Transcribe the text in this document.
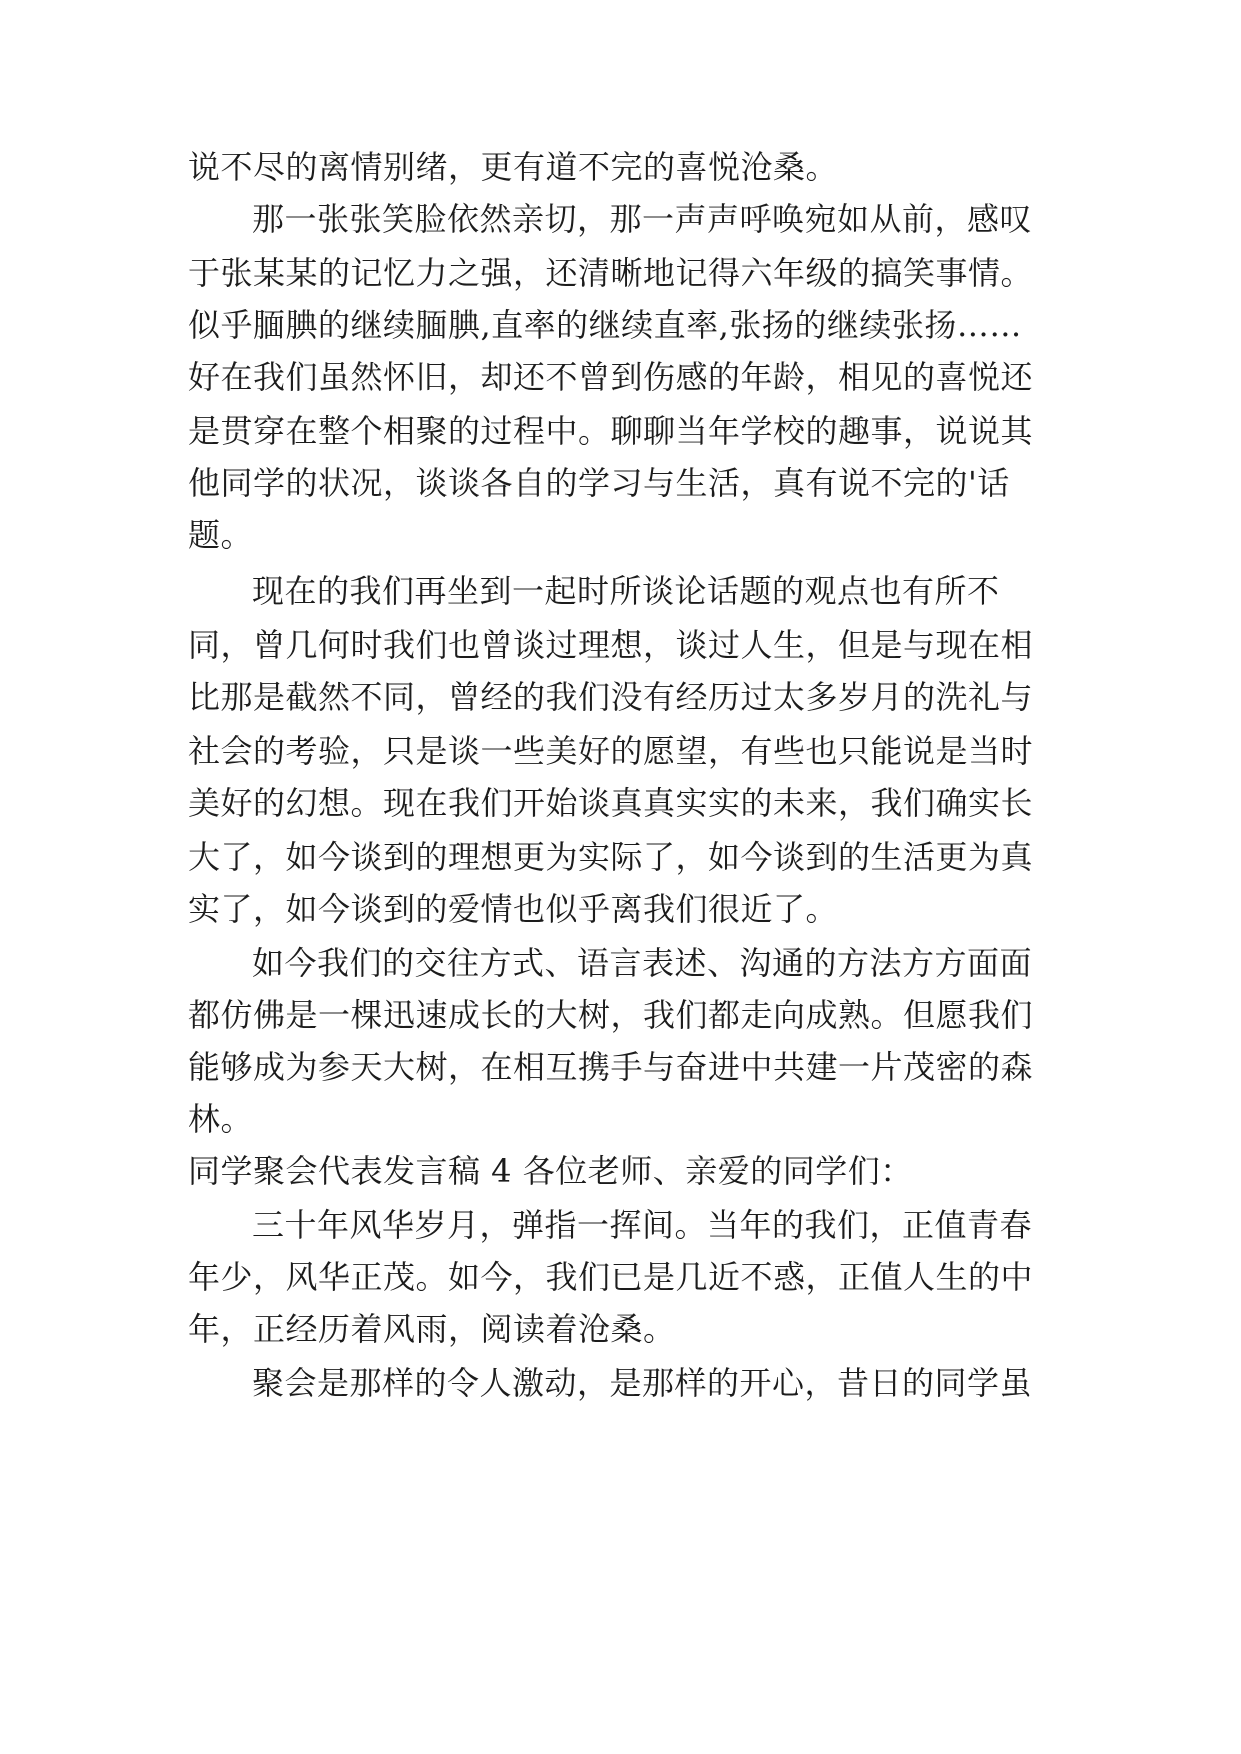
说不尽的离情别绪，更有道不完的喜悦沧桑。
那一张张笑脸依然亲切，那一声声呼唤宛如从前，感叹
于张某某的记忆力之强，还清晰地记得六年级的搞笑事情。
似乎腼腆的继续腼腆,直率的继续直率,张扬的继续张扬……
好在我们虽然怀旧，却还不曾到伤感的年龄，相见的喜悦还
是贯穿在整个相聚的过程中。聊聊当年学校的趣事，说说其
他同学的状况，谈谈各自的学习与生活，真有说不完的'话
题。
现在的我们再坐到一起时所谈论话题的观点也有所不
同，曾几何时我们也曾谈过理想，谈过人生，但是与现在相
比那是截然不同，曾经的我们没有经历过太多岁月的洗礼与
社会的考验，只是谈一些美好的愿望，有些也只能说是当时
美好的幻想。现在我们开始谈真真实实的未来，我们确实长
大了，如今谈到的理想更为实际了，如今谈到的生活更为真
实了，如今谈到的爱情也似乎离我们很近了。
如今我们的交往方式、语言表述、沟通的方法方方面面
都仿佛是一棵迅速成长的大树，我们都走向成熟。但愿我们
能够成为参天大树，在相互携手与奋进中共建一片茂密的森
林。
同学聚会代表发言稿 4 各位老师、亲爱的同学们：
三十年风华岁月，弹指一挥间。当年的我们，正值青春
年少，风华正茂。如今，我们已是几近不惑，正值人生的中
年，正经历着风雨，阅读着沧桑。
聚会是那样的令人激动，是那样的开心，昔日的同学虽
